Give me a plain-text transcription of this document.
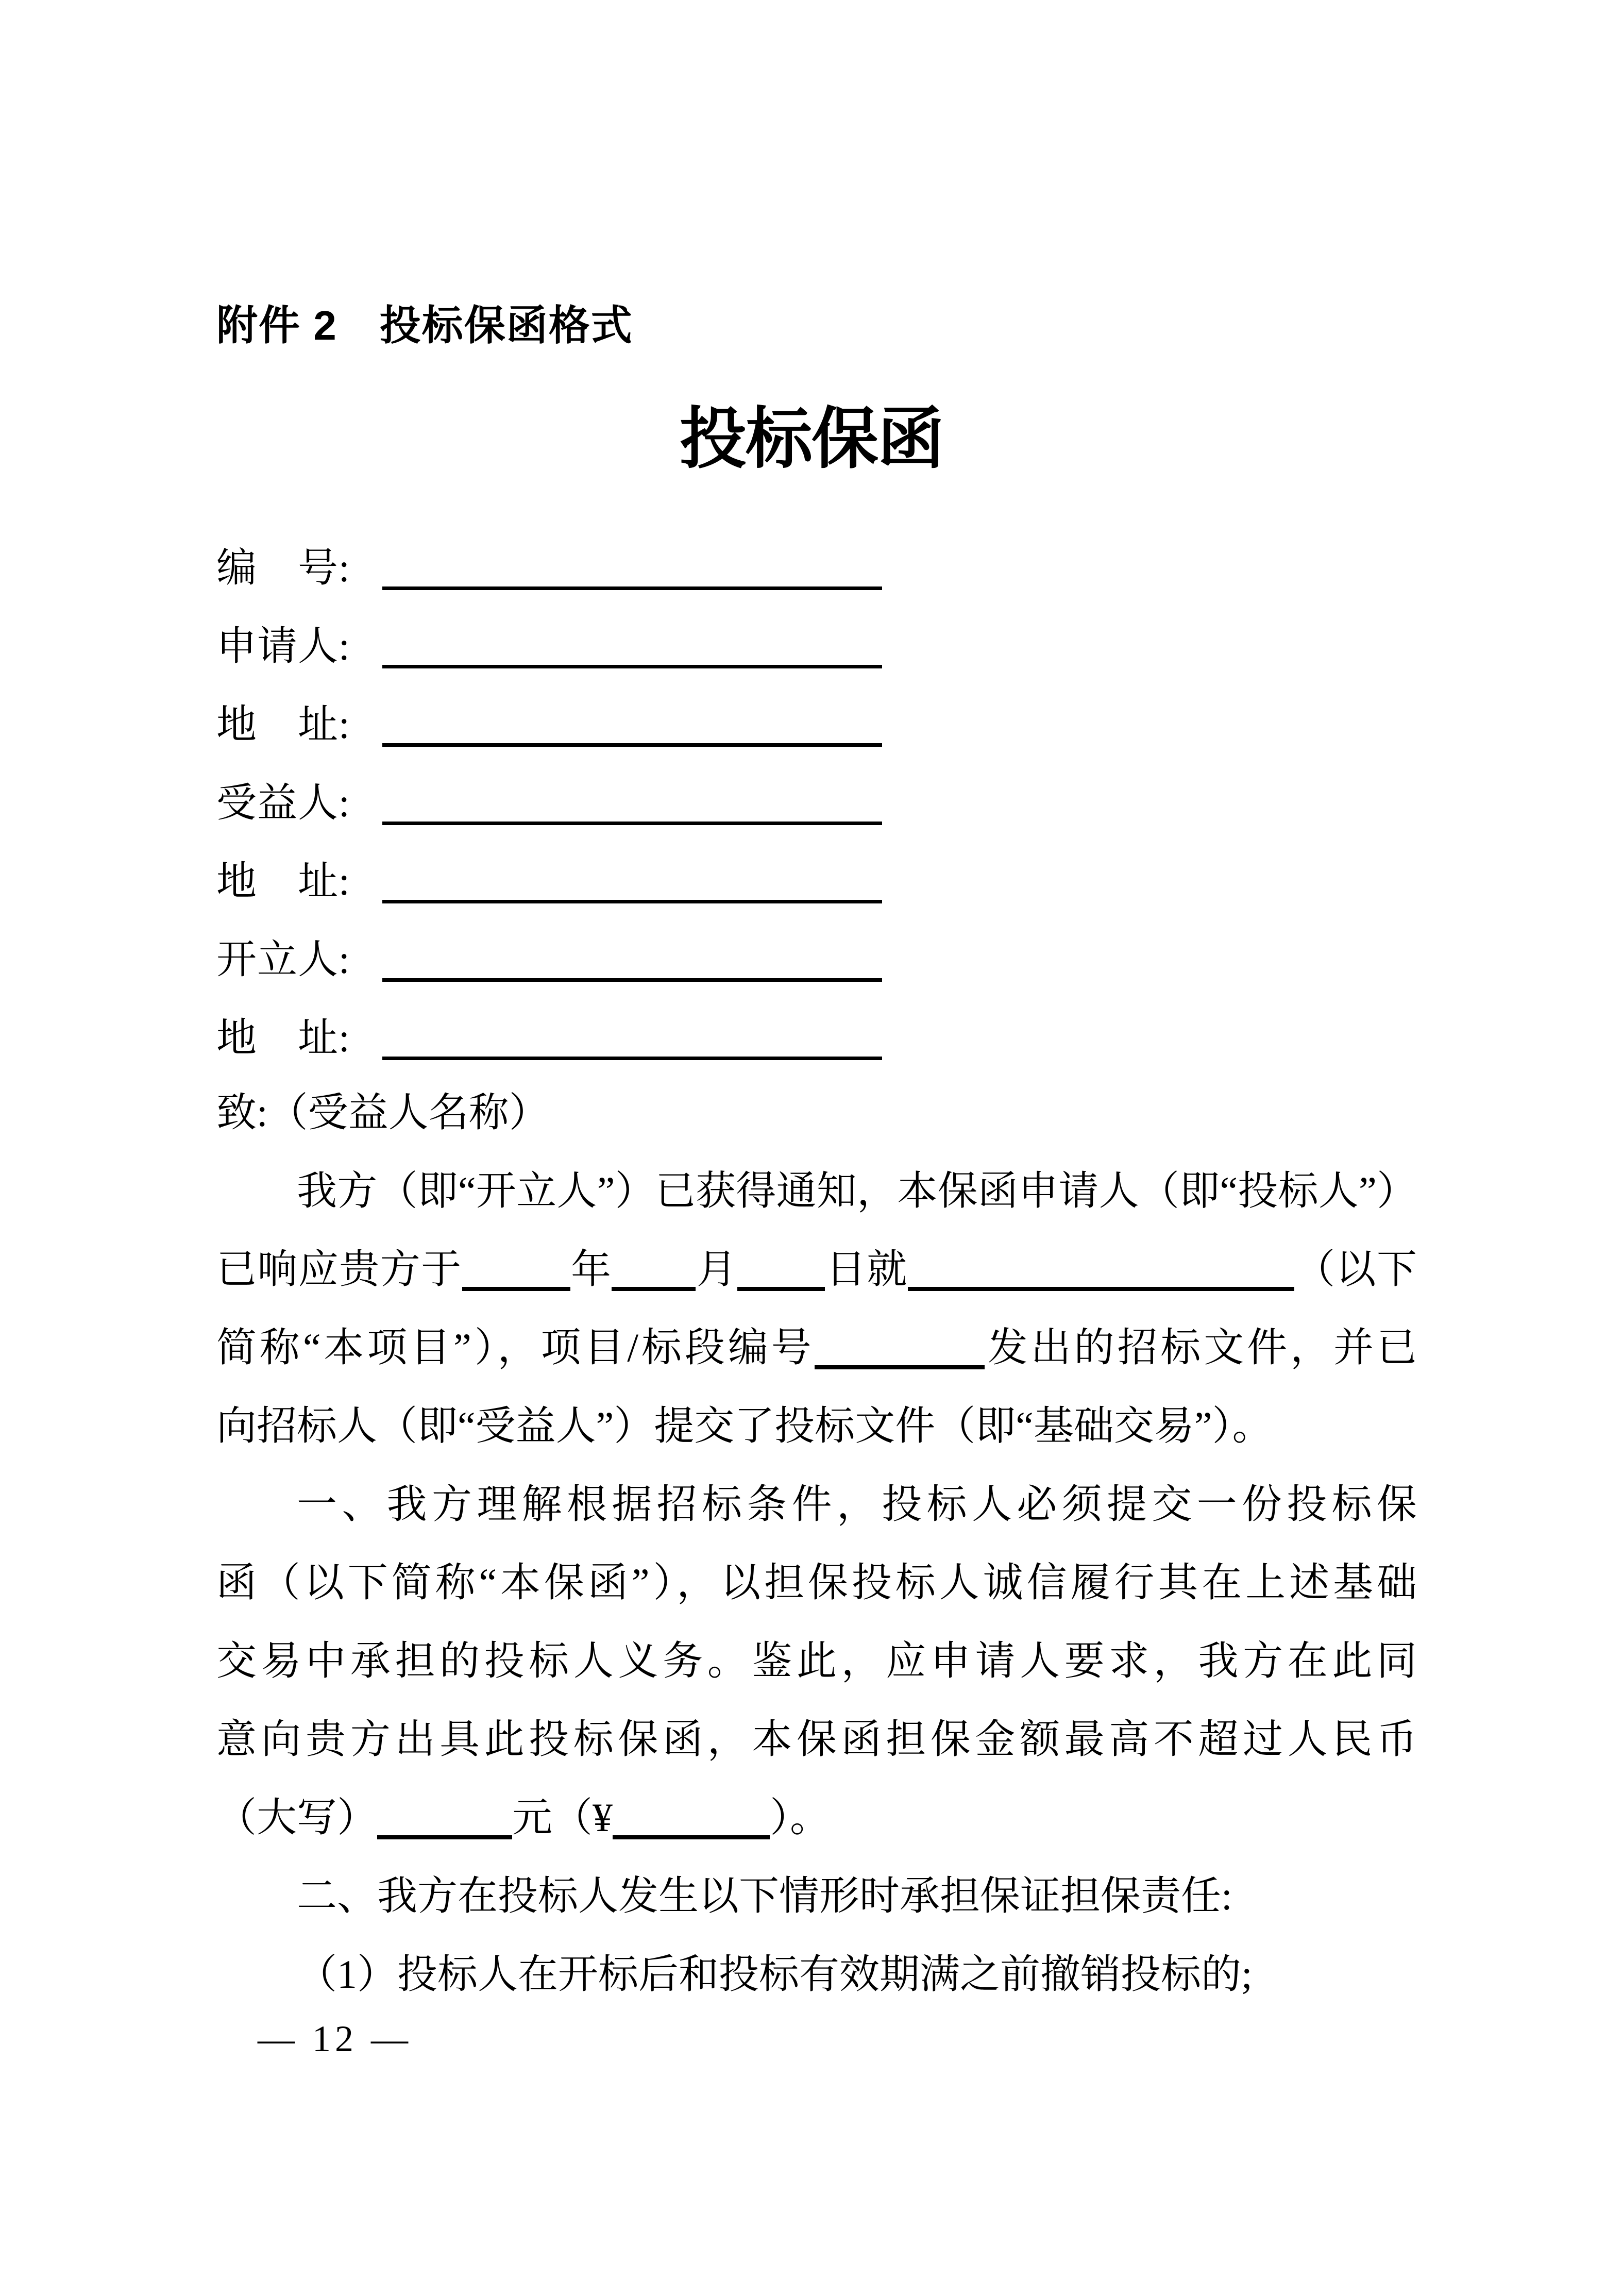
附件 2　投标保函格式
投标保函
编　号:
申请人:
地　址:
受益人:
地　址:
开立人:
地　址:
致:（受益人名称）
我方（即“开立人”）已获得通知，本保函申请人（即“投标人”）
已响应贵方于	年 月 日就	（以下
简称“本项目”），项目/标段编号	发出的招标文件，并已
向招标人（即“受益人”）提交了投标文件（即“基础交易”）。
一、我方理解根据招标条件，投标人必须提交一份投标保
函（以下简称“本保函”），以担保投标人诚信履行其在上述基础
交易中承担的投标人义务。鉴此，应申请人要求，我方在此同
意向贵方出具此投标保函，本保函担保金额最高不超过人民币
（大写）	元（¥	）。
二、我方在投标人发生以下情形时承担保证担保责任:
（1）投标人在开标后和投标有效期满之前撤销投标的;
— 12 —
